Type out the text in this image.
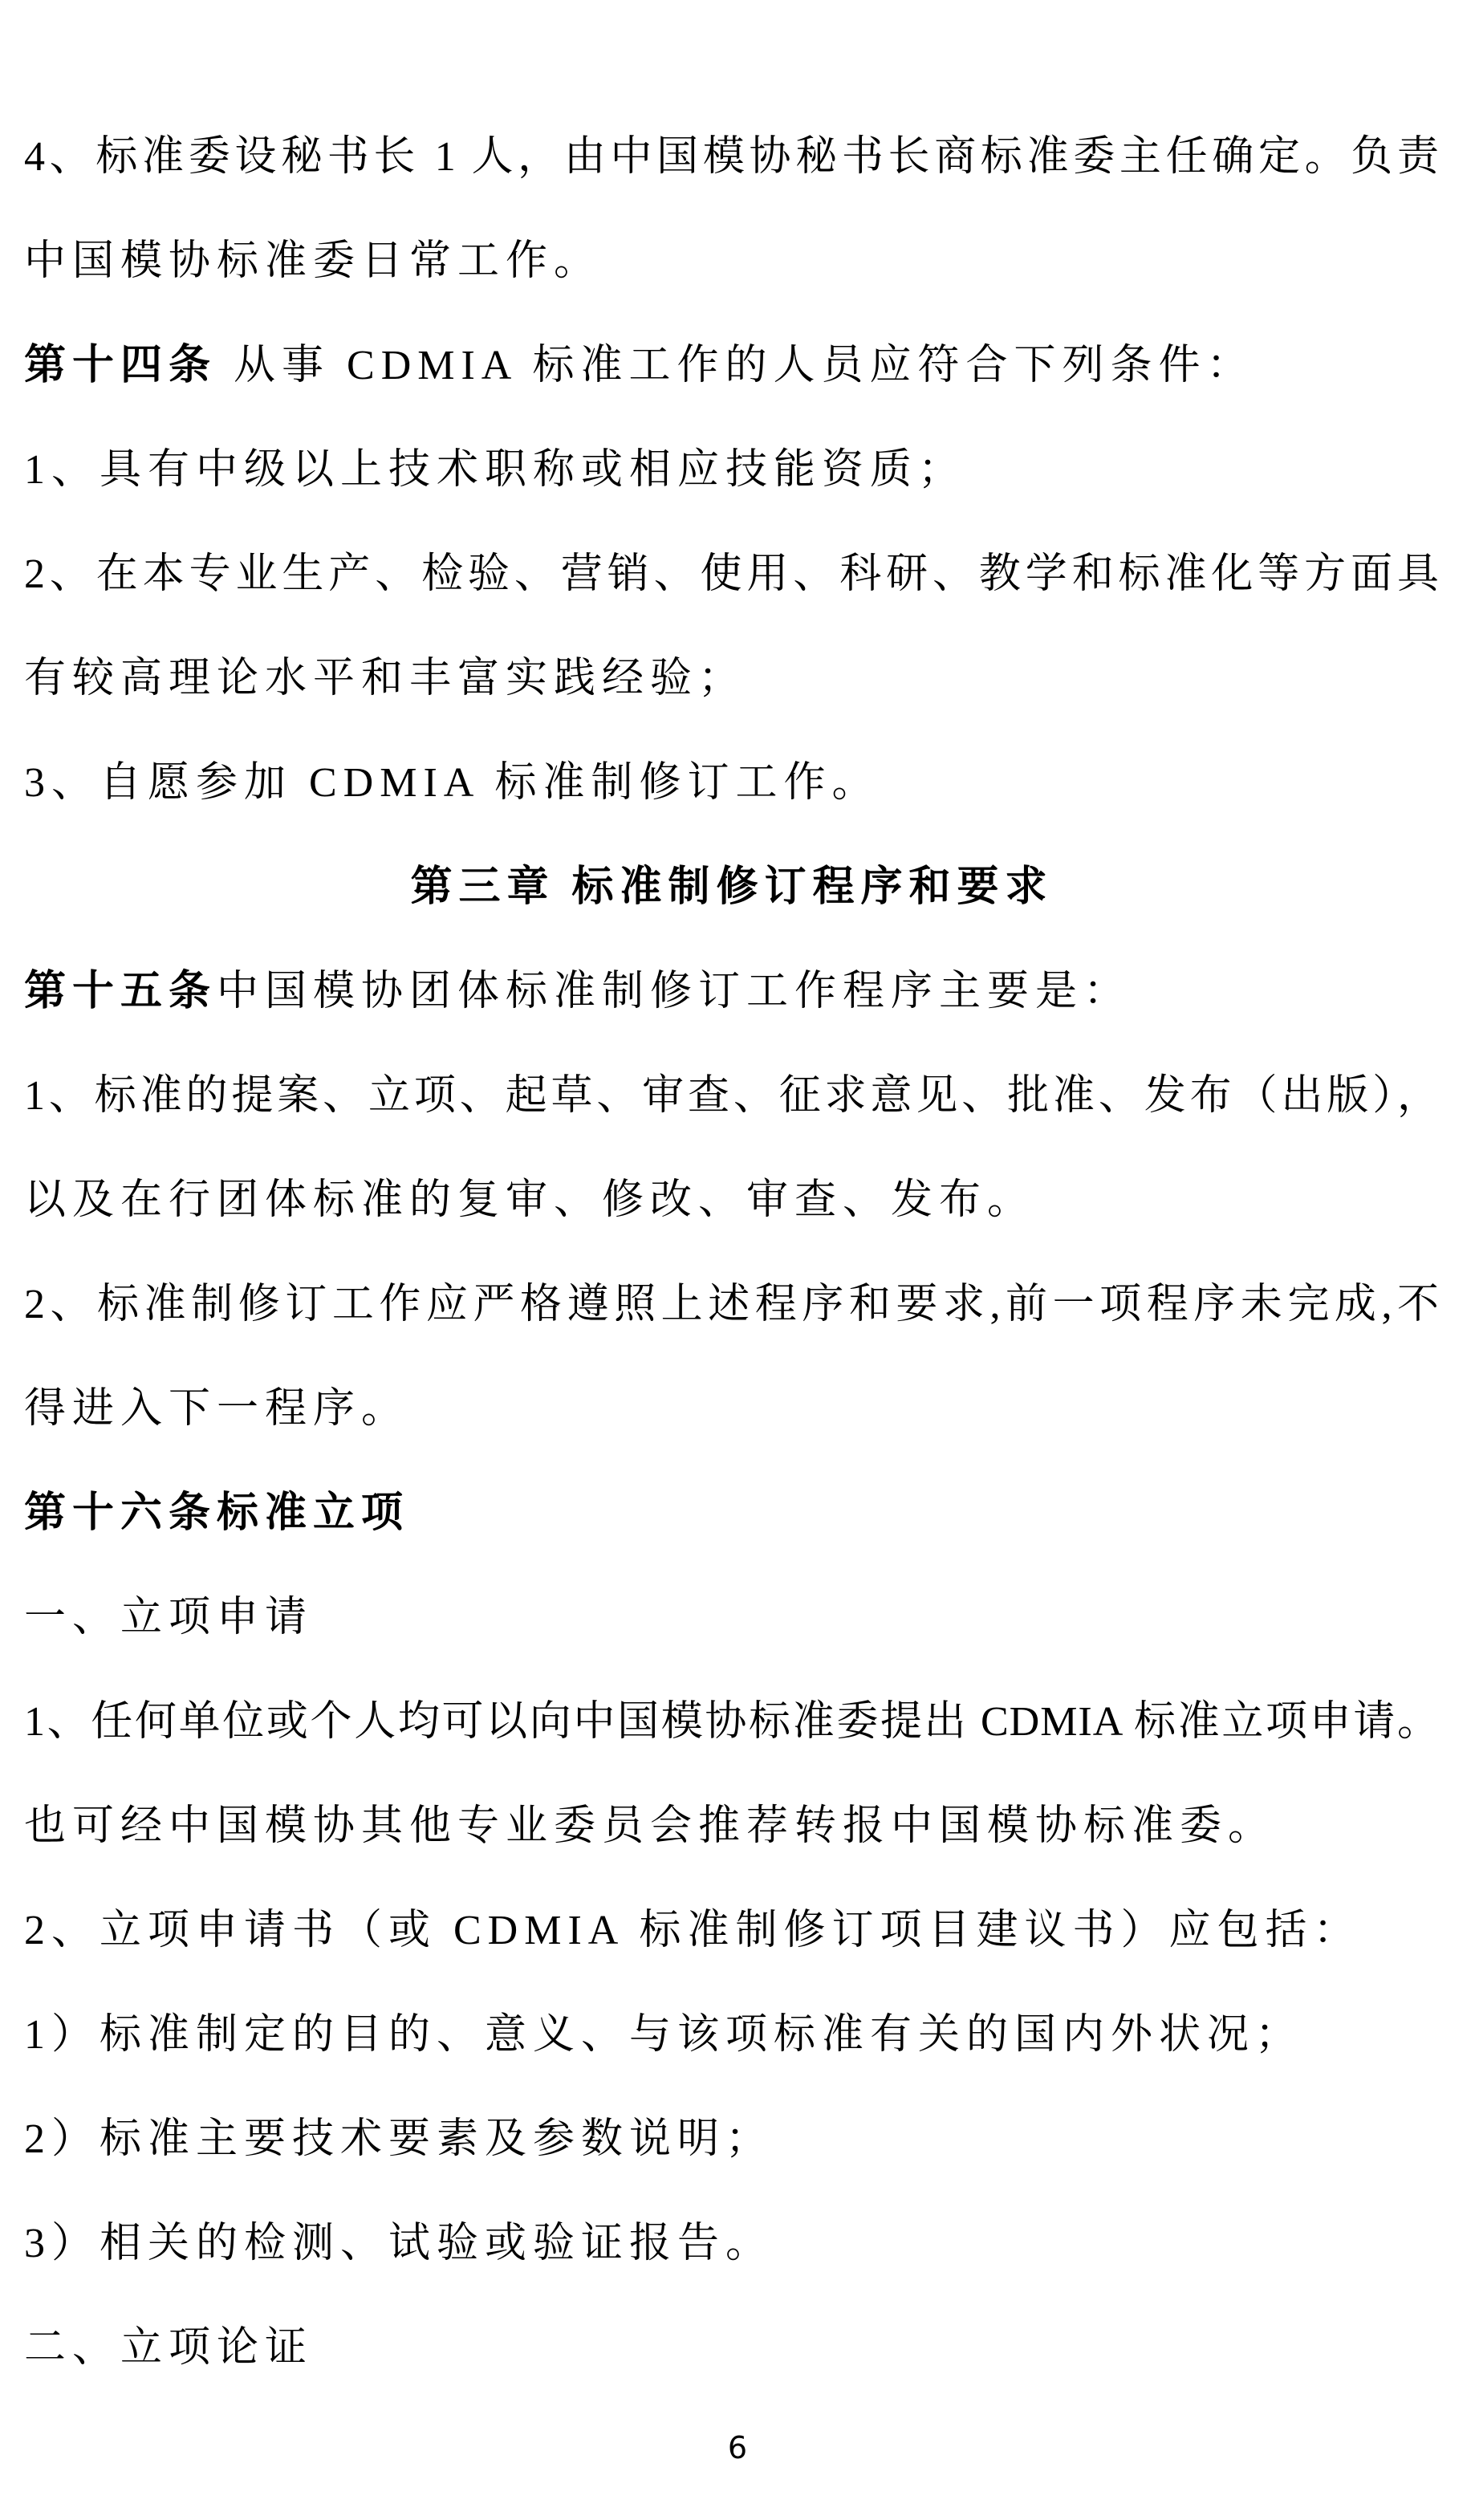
4、标准委设秘书长 1 人，由中国模协秘书长商标准委主任确定。负责
中国模协标准委日常工作。
第十四条 从事 CDMIA 标准工作的人员应符合下列条件：
1、具有中级以上技术职称或相应技能资质；
2、在本专业生产、检验、营销、使用、科研、教学和标准化等方面具
有较高理论水平和丰富实践经验；
3、自愿参加 CDMIA 标准制修订工作。
第三章 标准制修订程序和要求
第十五条中国模协团体标准制修订工作程序主要是：
1、标准的提案、立项、起草、审查、征求意见、批准、发布（出版），
以及在行团体标准的复审、修改、审查、发布。
2、标准制修订工作应严格遵照上述程序和要求,前一项程序未完成,不
得进入下一程序。
第十六条标准立项
一、立项申请
1、任何单位或个人均可以向中国模协标准委提出 CDMIA 标准立项申请。
也可经中国模协其他专业委员会推荐转报中国模协标准委。
2、立项申请书（或 CDMIA 标准制修订项目建议书）应包括：
1）标准制定的目的、意义、与该项标准有关的国内外状况；
2）标准主要技术要素及参数说明；
3）相关的检测、试验或验证报告。
二、立项论证
6
